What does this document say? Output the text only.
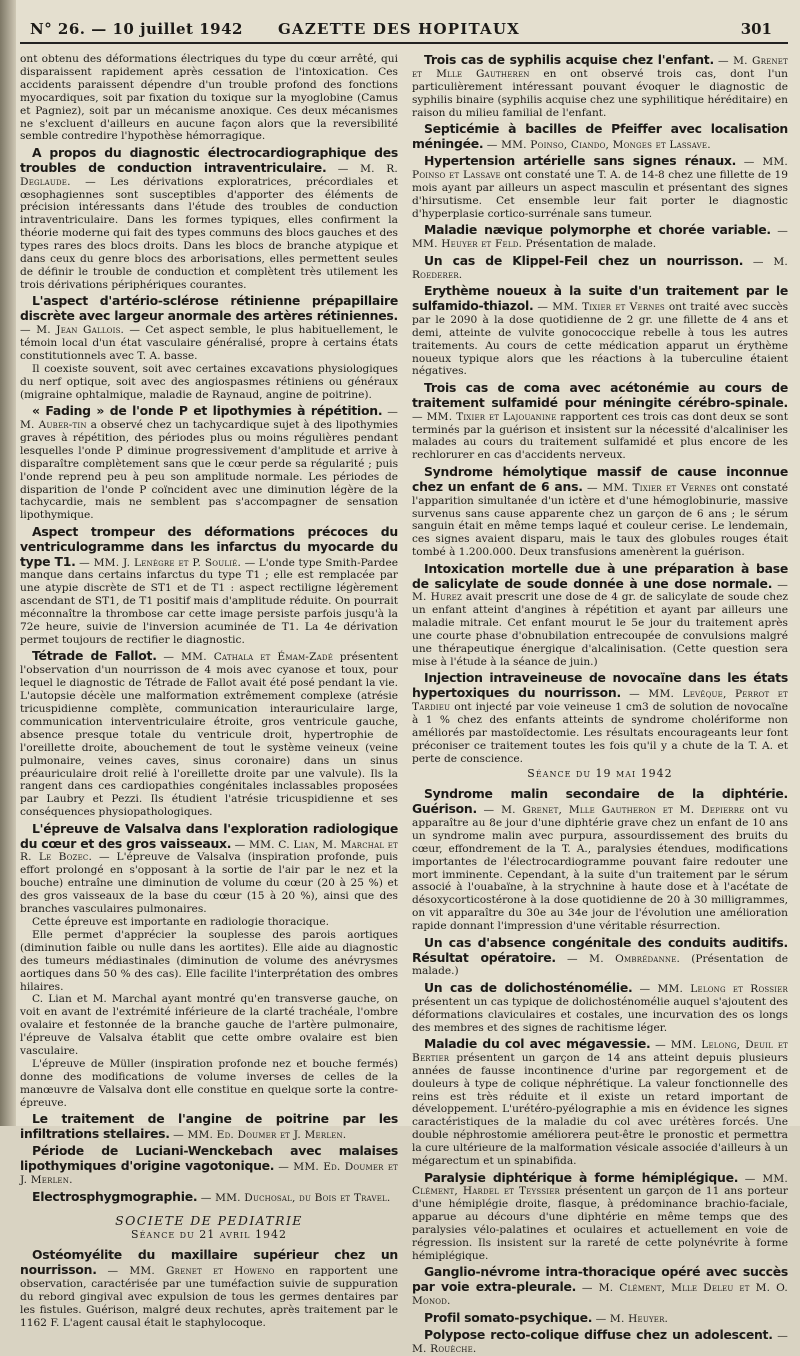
N° 26. — 10 juillet 1942 GAZETTE DES HOPITAUX	301

ont obtenu des déformations électriques du type du cœur arrêté, qui disparaissent rapidement après cessation de l'intoxication. Ces accidents paraissent dépendre d'un trouble profond des fonctions myocardiques, soit par fixation du toxique sur la myoglobine (Camus et Pagniez), soit par un mécanisme anoxique. Ces deux mécanismes ne s'excluent d'ailleurs en aucune façon alors que la reversibilité semble contredire l'hypothèse hémorragique.

A propos du diagnostic électrocardiographique des troubles de conduction intraventriculaire. — M. R. Deglaude. — Les dérivations exploratrices, précordiales et œsophagiennes sont susceptibles d'apporter des éléments de précision intéressants dans l'étude des troubles de conduction intraventriculaire. Dans les formes typiques, elles confirment la théorie moderne qui fait des types communs des blocs gauches et des types rares des blocs droits. Dans les blocs de branche atypique et dans ceux du genre blocs des arborisations, elles permettent seules de définir le trouble de conduction et complètent très utilement les trois dérivations périphériques courantes.

L'aspect d'artério-sclérose rétinienne prépapillaire discrète avec largeur anormale des artères rétiniennes. — M. Jean Gallois. — Cet aspect semble, le plus habituellement, le témoin local d'un état vasculaire généralisé, propre à certains états constitutionnels avec T. A. basse.

Il coexiste souvent, soit avec certaines excavations physiologiques du nerf optique, soit avec des angiospasmes rétiniens ou généraux (migraine ophtalmique, maladie de Raynaud, angine de poitrine).

« Fading » de l'onde P et lipothymies à répétition. — M. Auber-tin a observé chez un tachycardique sujet à des lipothymies graves à répétition, des périodes plus ou moins régulières pendant lesquelles l'onde P diminue progressivement d'amplitude et arrive à disparaître complètement sans que le cœur perde sa régularité ; puis l'onde reprend peu à peu son amplitude normale. Les périodes de disparition de l'onde P coïncident avec une diminution légère de la tachycardie, mais ne semblent pas s'accompagner de sensation lipothymique.

Aspect trompeur des déformations précoces du ventriculogramme dans les infarctus du myocarde du type T1. — MM. J. Lenègre et P. Soulié. — L'onde type Smith-Pardee manque dans certains infarctus du type T1 ; elle est remplacée par une atypie discrète de ST1 et de T1 : aspect rectiligne légèrement ascendant de ST1, de T1 positif mais d'amplitude réduite. On pourrait méconnaître la thrombose car cette image persiste parfois jusqu'à la 72e heure, suivie de l'inversion acuminée de T1. La 4e dérivation permet toujours de rectifier le diagnostic.

Tétrade de Fallot. — MM. Cathala et Émam-Zadé présentent l'observation d'un nourrisson de 4 mois avec cyanose et toux, pour lequel le diagnostic de Tétrade de Fallot avait été posé pendant la vie. L'autopsie décèle une malformation extrêmement complexe (atrésie tricuspidienne complète, communication interauriculaire large, communication interventriculaire étroite, gros ventricule gauche, absence presque totale du ventricule droit, hypertrophie de l'oreillette droite, abouchement de tout le système veineux (veine pulmonaire, veines caves, sinus coronaire) dans un sinus préauriculaire droit relié à l'oreillette droite par une valvule). Ils la rangent dans ces cardiopathies congénitales inclassables proposées par Laubry et Pezzi. Ils étudient l'atrésie tricuspidienne et ses conséquences physiopathologiques.

L'épreuve de Valsalva dans l'exploration radiologique du cœur et des gros vaisseaux. — MM. C. Lian, M. Marchal et R. Le Bozec. — L'épreuve de Valsalva (inspiration profonde, puis effort prolongé en s'opposant à la sortie de l'air par le nez et la bouche) entraîne une diminution de volume du cœur (20 à 25 %) et des gros vaisseaux de la base du cœur (15 à 20 %), ainsi que des branches vasculaires pulmonaires.

Cette épreuve est importante en radiologie thoracique.

Elle permet d'apprécier la souplesse des parois aortiques (diminution faible ou nulle dans les aortites). Elle aide au diagnostic des tumeurs médiastinales (diminution de volume des anévrysmes aortiques dans 50 % des cas). Elle facilite l'interprétation des ombres hilaires.

C. Lian et M. Marchal ayant montré qu'en transverse gauche, on voit en avant de l'extrémité inférieure de la clarté trachéale, l'ombre ovalaire et festonnée de la branche gauche de l'artère pulmonaire, l'épreuve de Valsalva établit que cette ombre ovalaire est bien vasculaire.

L'épreuve de Müller (inspiration profonde nez et bouche fermés) donne des modifications de volume inverses de celles de la manœuvre de Valsalva dont elle constitue en quelque sorte la contre-épreuve.

Le traitement de l'angine de poitrine par les infiltrations stellaires. — MM. Ed. Doumer et J. Merlen.

Période de Luciani-Wenckebach avec malaises lipothymiques d'origine vagotonique. — MM. Ed. Doumer et J. Merlen.

Electrosphygmographie. — MM. Duchosal, du Bois et Travel.

SOCIETE DE PEDIATRIE
Séance du 21 avril 1942

Ostéomyélite du maxillaire supérieur chez un nourrisson. — MM. Grenet et Howeno en rapportent une observation, caractérisée par une tuméfaction suivie de suppuration du rebord gingival avec expulsion de tous les germes dentaires par les fistules. Guérison, malgré deux rechutes, après traitement par le 1162 F. L'agent causal était le staphylocoque.

Trois cas de syphilis acquise chez l'enfant. — M. Grenet et Mlle Gautheren en ont observé trois cas, dont l'un particulièrement intéressant pouvant évoquer le diagnostic de syphilis binaire (syphilis acquise chez une syphilitique héréditaire) en raison du milieu familial de l'enfant.

Septicémie à bacilles de Pfeiffer avec localisation méningée. — MM. Poinso, Ciando, Monges et Lassave.

Hypertension artérielle sans signes rénaux. — MM. Poinso et Lassave ont constaté une T. A. de 14-8 chez une fillette de 19 mois ayant par ailleurs un aspect masculin et présentant des signes d'hirsutisme. Cet ensemble leur fait porter le diagnostic d'hyperplasie cortico-surrénale sans tumeur.

Maladie nævique polymorphe et chorée variable. — MM. Heuyer et Feld. Présentation de malade.

Un cas de Klippel-Feil chez un nourrisson. — M. Roederer.

Erythème noueux à la suite d'un traitement par le sulfamido-thiazol. — MM. Tixier et Vernes ont traité avec succès par le 2090 à la dose quotidienne de 2 gr. une fillette de 4 ans et demi, atteinte de vulvite gonococcique rebelle à tous les autres traitements. Au cours de cette médication apparut un érythème noueux typique alors que les réactions à la tuberculine étaient négatives.

Trois cas de coma avec acétonémie au cours de traitement sulfamidé pour méningite cérébro-spinale. — MM. Tixier et Lajouanine rapportent ces trois cas dont deux se sont terminés par la guérison et insistent sur la nécessité d'alcaliniser les malades au cours du traitement sulfamidé et plus encore de les rechlorurer en cas d'accidents nerveux.

Syndrome hémolytique massif de cause inconnue chez un enfant de 6 ans. — MM. Tixier et Vernes ont constaté l'apparition simultanée d'un ictère et d'une hémoglobinurie, massive survenus sans cause apparente chez un garçon de 6 ans ; le sérum sanguin était en même temps laqué et couleur cerise. Le lendemain, ces signes avaient disparu, mais le taux des globules rouges était tombé à 1.200.000. Deux transfusions amenèrent la guérison.

Intoxication mortelle due à une préparation à base de salicylate de soude donnée à une dose normale. — M. Hurez avait prescrit une dose de 4 gr. de salicylate de soude chez un enfant atteint d'angines à répétition et ayant par ailleurs une maladie mitrale. Cet enfant mourut le 5e jour du traitement après une courte phase d'obnubilation entrecoupée de convulsions malgré une thérapeutique énergique d'alcalinisation. (Cette question sera mise à l'étude à la séance de juin.)

Injection intraveineuse de novocaïne dans les états hypertoxiques du nourrisson. — MM. Levêque, Perrot et Tardieu ont injecté par voie veineuse 1 cm3 de solution de novocaïne à 1 % chez des enfants atteints de syndrome cholériforme non améliorés par mastoïdectomie. Les résultats encourageants leur font préconiser ce traitement toutes les fois qu'il y a chute de la T. A. et perte de conscience.

Séance du 19 mai 1942

Syndrome malin secondaire de la diphtérie. Guérison. — M. Grenet, Mlle Gautheron et M. Depierre ont vu apparaître au 8e jour d'une diphtérie grave chez un enfant de 10 ans un syndrome malin avec purpura, assourdissement des bruits du cœur, effondrement de la T. A., paralysies étendues, modifications importantes de l'électrocardiogramme pouvant faire redouter une mort imminente. Cependant, à la suite d'un traitement par le sérum associé à l'ouabaïne, à la strychnine à haute dose et à l'acétate de désoxycorticostérone à la dose quotidienne de 20 à 30 milligrammes, on vit apparaître du 30e au 34e jour de l'évolution une amélioration rapide donnant l'impression d'une véritable résurrection.

Un cas d'absence congénitale des conduits auditifs. Résultat opératoire. — M. Ombrédanne. (Présentation de malade.)

Un cas de dolichosténomélie. — MM. Lelong et Rossier présentent un cas typique de dolichosténomélie auquel s'ajoutent des déformations claviculaires et costales, une incurvation des os longs des membres et des signes de rachitisme léger.

Maladie du col avec mégavessie. — MM. Lelong, Deuil et Bertier présentent un garçon de 14 ans atteint depuis plusieurs années de fausse incontinence d'urine par regorgement et de douleurs à type de colique néphrétique. La valeur fonctionnelle des reins est très réduite et il existe un retard important de développement. L'urétéro-pyélographie a mis en évidence les signes caractéristiques de la maladie du col avec urétères forcés. Une double néphrostomie améliorera peut-être le pronostic et permettra la cure ultérieure de la malformation vésicale associée d'ailleurs à un mégarectum et un spinabifida.

Paralysie diphtérique à forme hémiplégique. — MM. Clément, Hardel et Teyssier présentent un garçon de 11 ans porteur d'une hémiplégie droite, flasque, à prédominance brachio-faciale, apparue au décours d'une diphtérie en même temps que des paralysies vélo-palatines et oculaires et actuellement en voie de régression. Ils insistent sur la rareté de cette polynévrite à forme hémiplégique.

Ganglio-névrome intra-thoracique opéré avec succès par voie extra-pleurale. — M. Clément, Mlle Deleu et M. O. Monod.

Profil somato-psychique. — M. Heuyer.

Polypose recto-colique diffuse chez un adolescent. — M. Rouèche.
